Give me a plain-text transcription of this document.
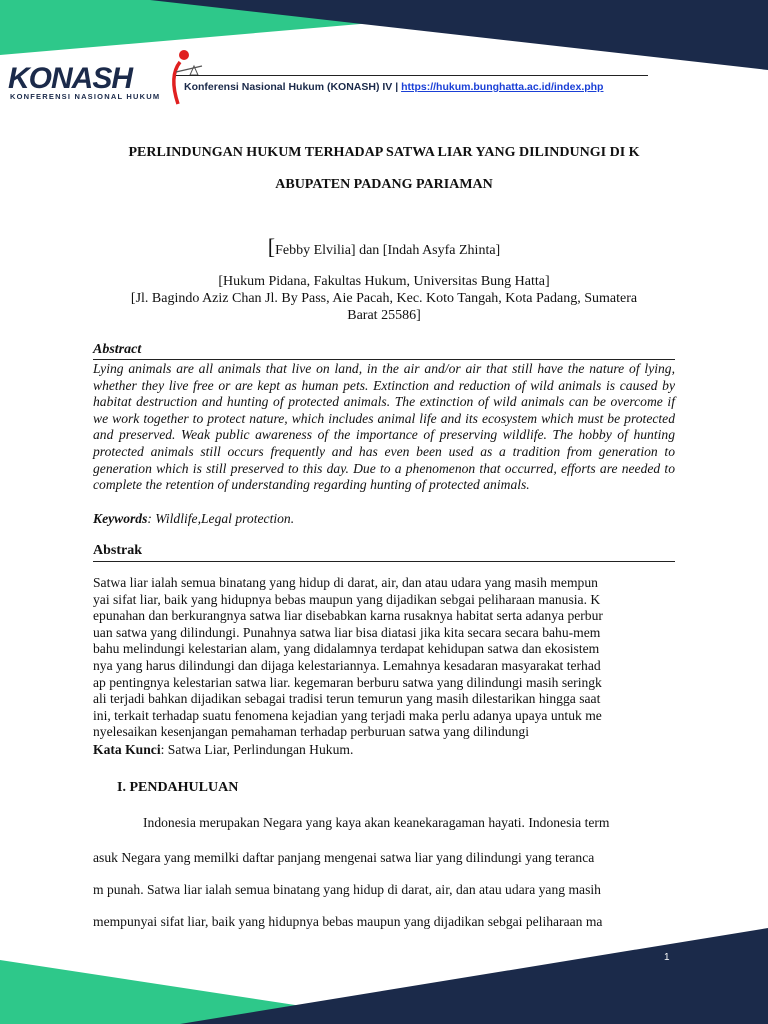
KONASH
KONFERENSI NASIONAL HUKUM
Konferensi Nasional Hukum (KONASH) IV | https://hukum.bunghatta.ac.id/index.php
PERLINDUNGAN HUKUM TERHADAP SATWA LIAR YANG DILINDUNGI DI K
ABUPATEN PADANG PARIAMAN
[Febby Elvilia] dan [Indah Asyfa Zhinta]
[Hukum Pidana, Fakultas Hukum, Universitas Bung Hatta]
[Jl. Bagindo Aziz Chan Jl. By Pass, Aie Pacah, Kec. Koto Tangah, Kota Padang, Sumatera
Barat 25586]
Abstract
Lying animals are all animals that live on land, in the air and/or air that still have the nature of lying, whether they live free or are kept as human pets. Extinction and reduction of wild animals is caused by habitat destruction and hunting of protected animals. The extinction of wild animals can be overcome if we work together to protect nature, which includes animal life and its ecosystem which must be protected and preserved. Weak public awareness of the importance of preserving wildlife. The hobby of hunting protected animals still occurs frequently and has even been used as a tradition from generation to generation which is still preserved to this day. Due to a phenomenon that occurred, efforts are needed to complete the retention of understanding regarding hunting of protected animals.
Keywords: Wildlife,Legal protection.
Abstrak
Satwa liar ialah semua binatang yang hidup di darat, air, dan atau udara yang masih mempun
yai sifat liar, baik yang hidupnya bebas maupun yang dijadikan sebgai peliharaan manusia. K
epunahan dan berkurangnya satwa liar disebabkan karna rusaknya habitat serta adanya perbur
uan satwa yang dilindungi. Punahnya satwa liar bisa diatasi jika kita secara secara bahu-mem
bahu melindungi kelestarian alam, yang didalamnya terdapat kehidupan satwa dan ekosistem
nya yang harus dilindungi dan dijaga kelestariannya. Lemahnya kesadaran masyarakat terhad
ap pentingnya kelestarian satwa liar. kegemaran berburu satwa yang dilindungi masih seringk
ali terjadi bahkan dijadikan sebagai tradisi terun temurun yang masih dilestarikan hingga saat
ini, terkait terhadap suatu fenomena kejadian yang terjadi maka perlu adanya upaya untuk me
nyelesaikan kesenjangan pemahaman terhadap perburuan satwa yang dilindungi
Kata Kunci: Satwa Liar, Perlindungan Hukum.
I. PENDAHULUAN
Indonesia merupakan Negara yang kaya akan keanekaragaman hayati. Indonesia term
asuk Negara yang memilki daftar panjang mengenai satwa liar yang dilindungi yang teranca
m punah. Satwa liar ialah semua binatang yang hidup di darat, air, dan atau udara yang masih
mempunyai sifat liar, baik yang hidupnya bebas maupun yang dijadikan sebgai peliharaan ma
1
